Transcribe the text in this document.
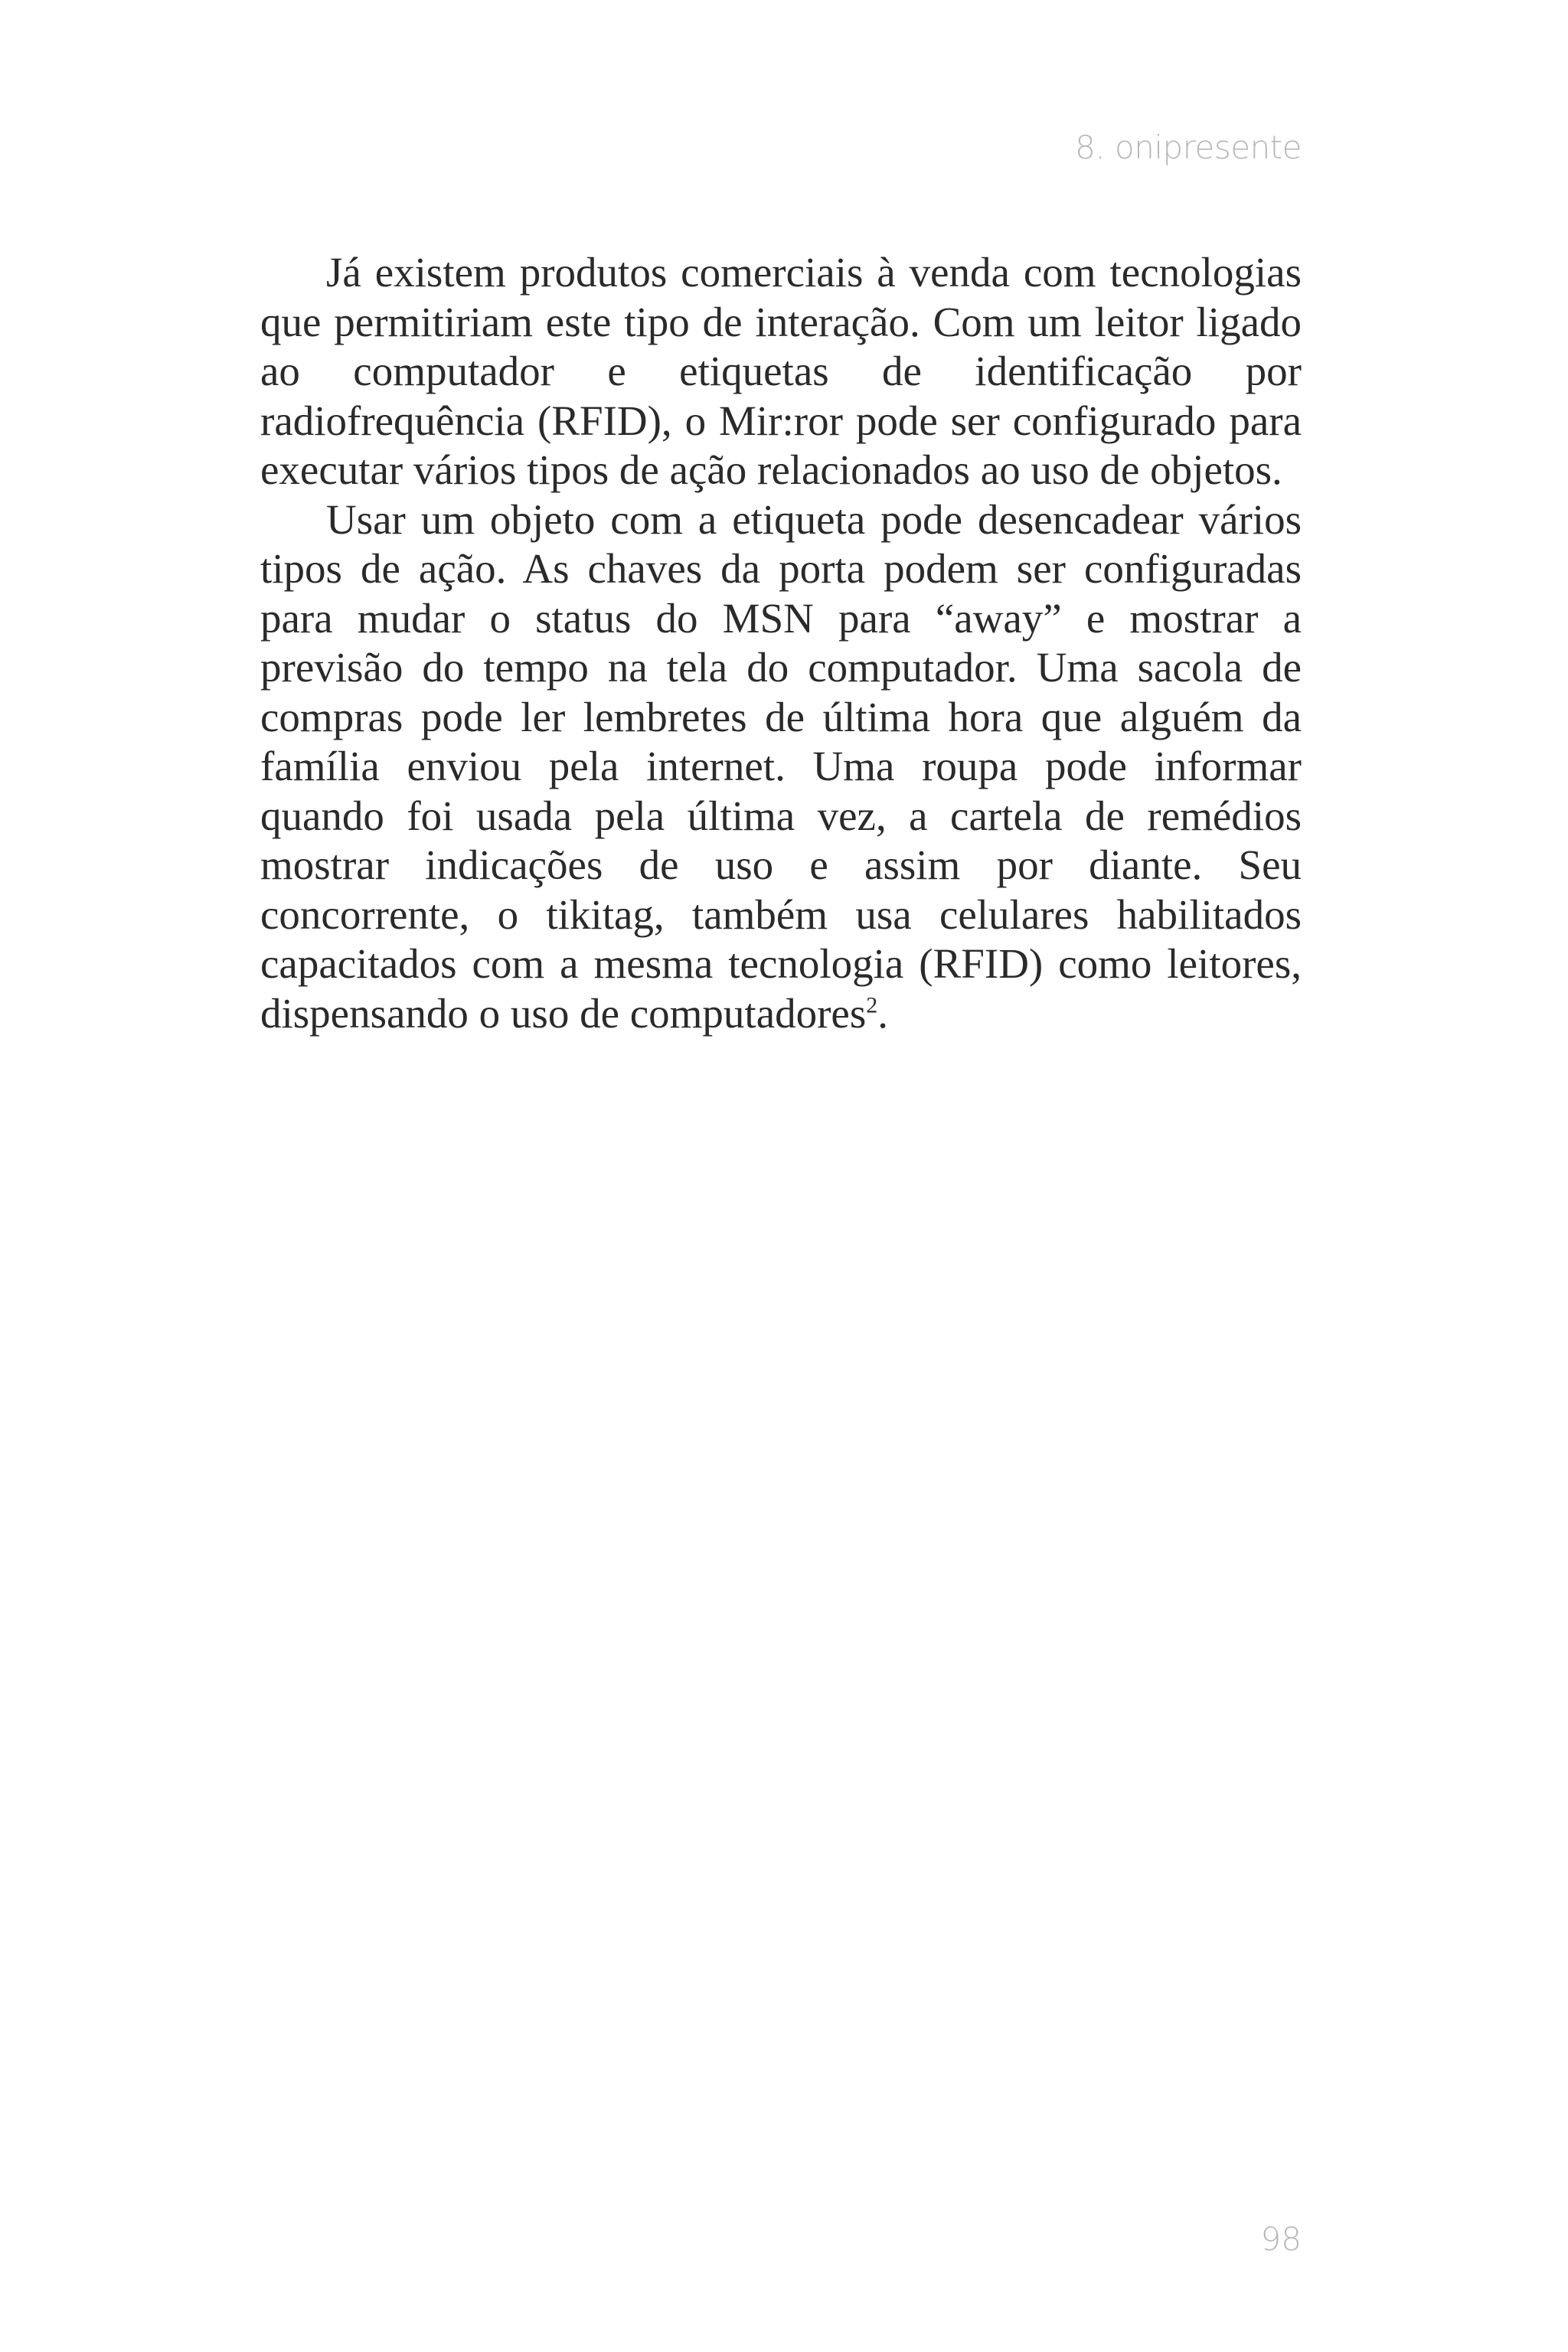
8. onipresente

Já existem produtos comerciais à venda com tecnologias que permitiriam este tipo de interação. Com um leitor ligado ao computador e etiquetas de identificação por radiofrequência (RFID), o Mir:ror pode ser configurado para executar vários tipos de ação relacionados ao uso de objetos.

Usar um objeto com a etiqueta pode desencadear vários tipos de ação. As chaves da porta podem ser configuradas para mudar o status do MSN para “away” e mostrar a previsão do tempo na tela do computador. Uma sacola de compras pode ler lembretes de última hora que alguém da família enviou pela internet. Uma roupa pode informar quando foi usada pela última vez, a cartela de remédios mostrar indicações de uso e assim por diante. Seu concorrente, o tikitag, também usa celulares habilitados capacitados com a mesma tecnologia (RFID) como leitores, dispensando o uso de computadores$^2$.

98
